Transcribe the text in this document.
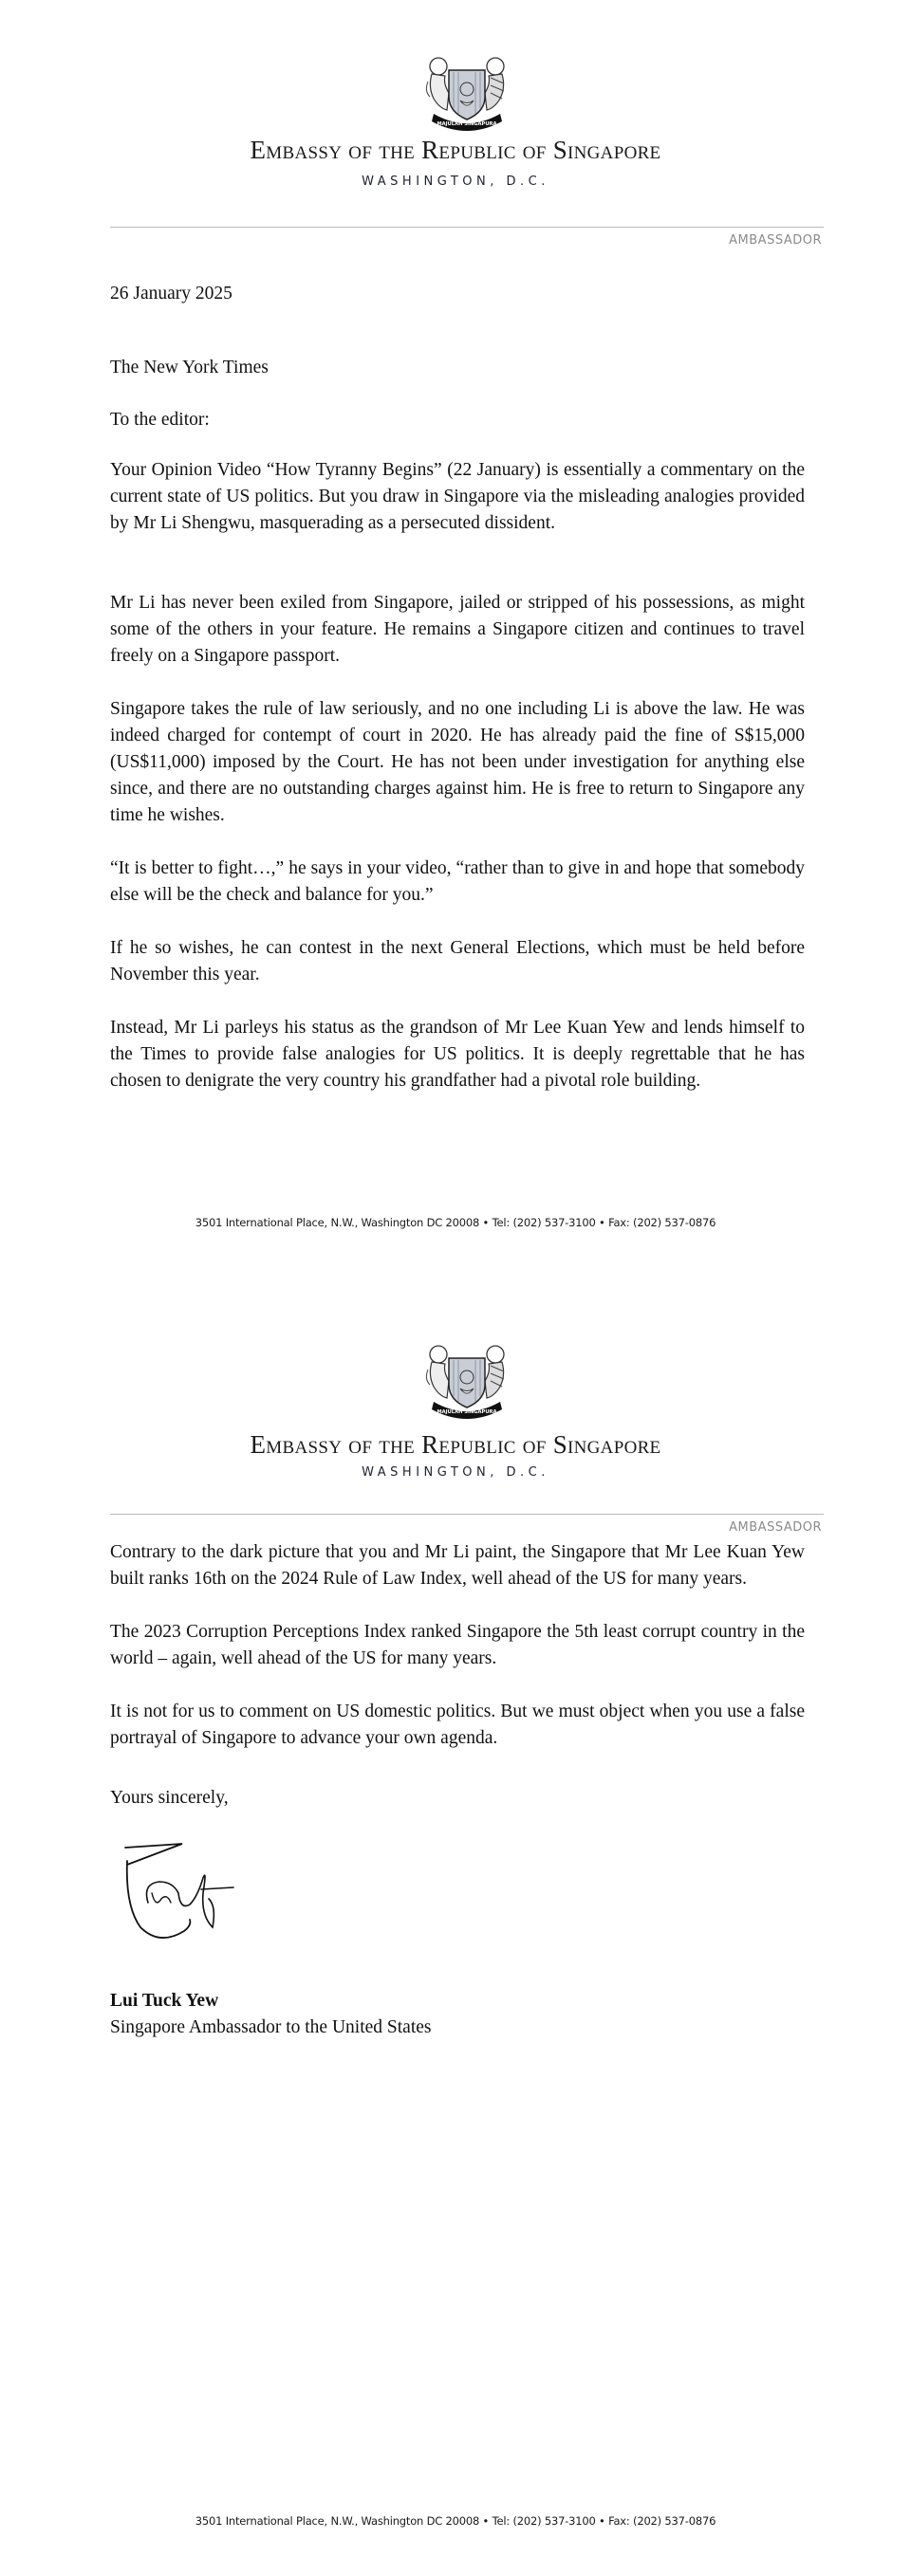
MAJULAH SINGAPURA
Embassy of the Republic of Singapore
WASHINGTON, D.C.
AMBASSADOR
26 January 2025
The New York Times
To the editor:

Your Opinion Video “How Tyranny Begins” (22 January) is essentially a commentary on the current state of US politics. But you draw in Singapore via the misleading analogies provided by Mr Li Shengwu, masquerading as a persecuted dissident.

Mr Li has never been exiled from Singapore, jailed or stripped of his possessions, as might some of the others in your feature. He remains a Singapore citizen and continues to travel freely on a Singapore passport.

Singapore takes the rule of law seriously, and no one including Li is above the law. He was indeed charged for contempt of court in 2020. He has already paid the fine of S$15,000 (US$11,000) imposed by the Court. He has not been under investigation for anything else since, and there are no outstanding charges against him. He is free to return to Singapore any time he wishes.

“It is better to fight…,” he says in your video, “rather than to give in and hope that somebody else will be the check and balance for you.”

If he so wishes, he can contest in the next General Elections, which must be held before November this year.

Instead, Mr Li parleys his status as the grandson of Mr Lee Kuan Yew and lends himself to the Times to provide false analogies for US politics. It is deeply regrettable that he has chosen to denigrate the very country his grandfather had a pivotal role building.

3501 International Place, N.W., Washington DC 20008 • Tel: (202) 537-3100 • Fax: (202) 537-0876
MAJULAH SINGAPURA
Embassy of the Republic of Singapore
WASHINGTON, D.C.
AMBASSADOR

Contrary to the dark picture that you and Mr Li paint, the Singapore that Mr Lee Kuan Yew built ranks 16th on the 2024 Rule of Law Index, well ahead of the US for many years.

The 2023 Corruption Perceptions Index ranked Singapore the 5th least corrupt country in the world – again, well ahead of the US for many years.

It is not for us to comment on US domestic politics. But we must object when you use a false portrayal of Singapore to advance your own agenda.

Yours sincerely,
Lui Tuck Yew
Singapore Ambassador to the United States
3501 International Place, N.W., Washington DC 20008 • Tel: (202) 537-3100 • Fax: (202) 537-0876
